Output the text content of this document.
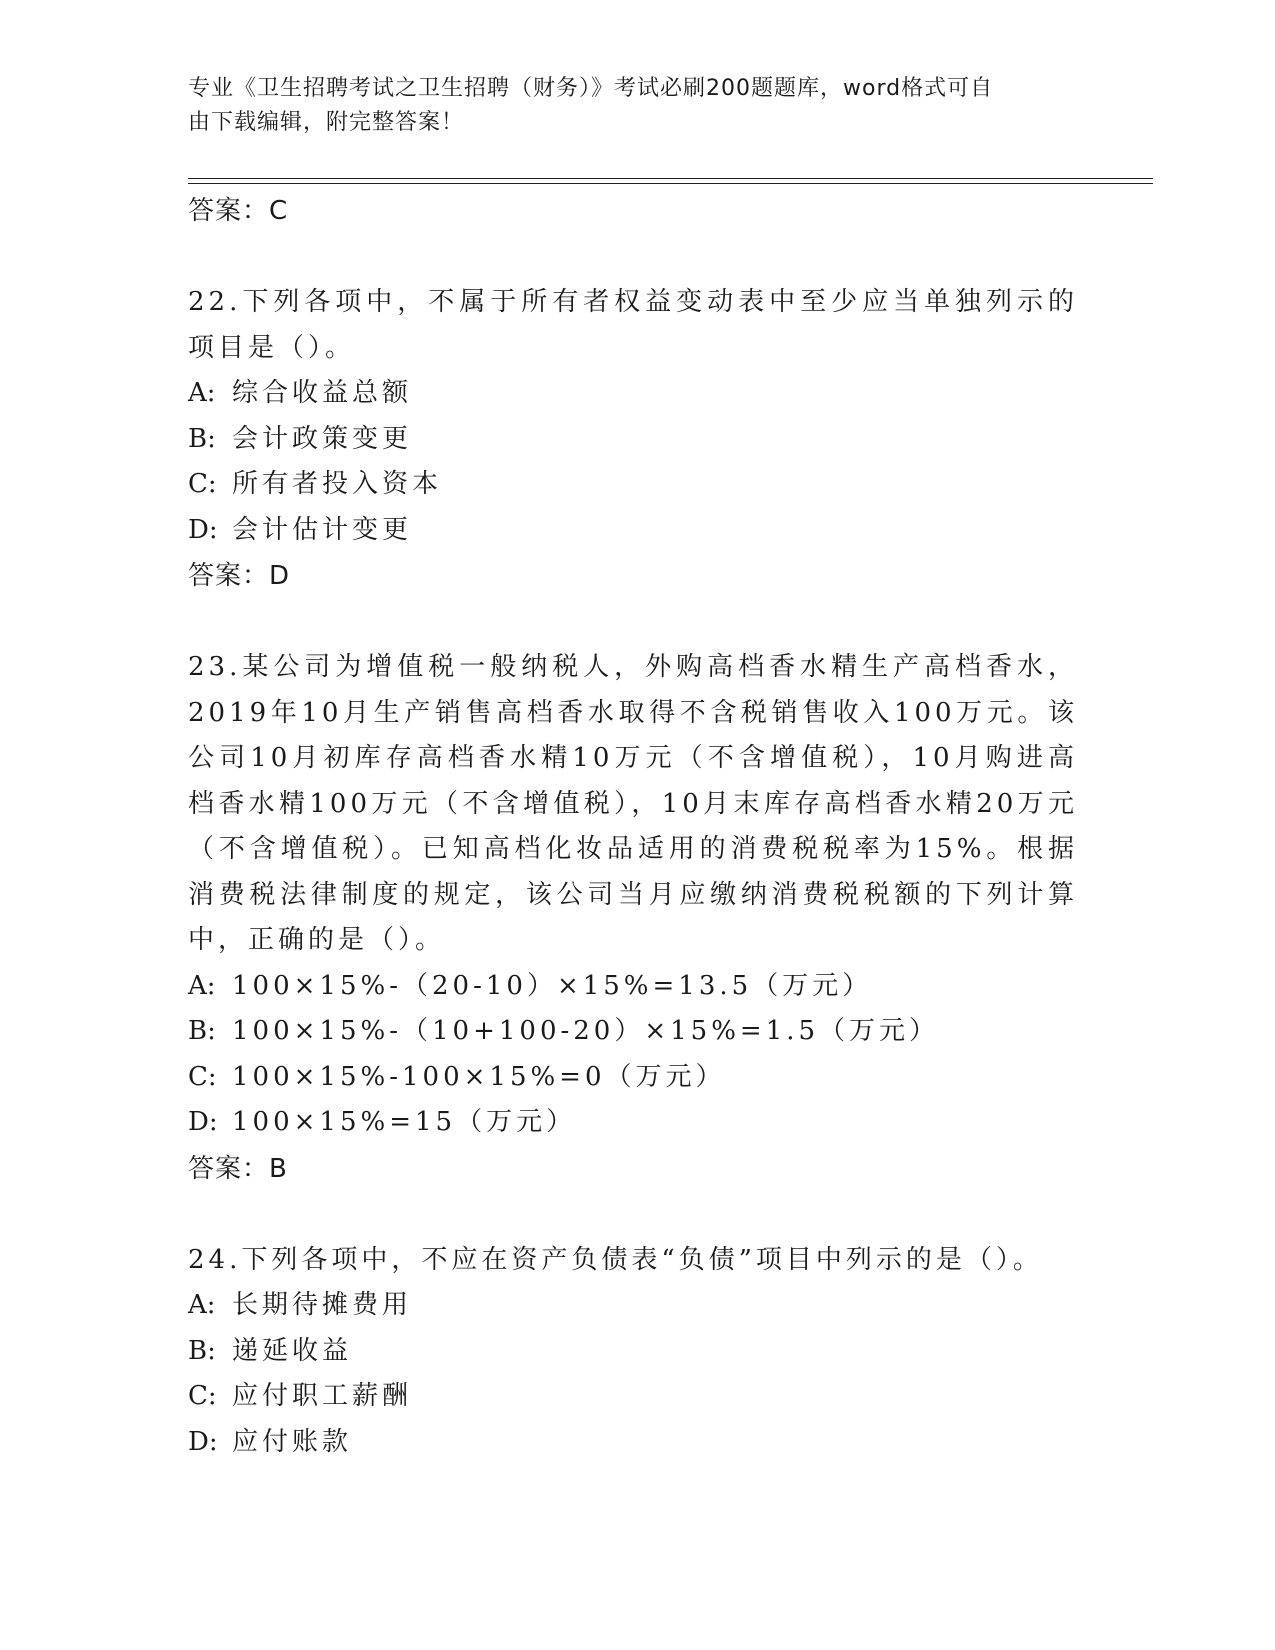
专业《卫生招聘考试之卫生招聘（财务）》考试必刷200题题库，word格式可自
由下载编辑，附完整答案！
答案：C
22.下列各项中，不属于所有者权益变动表中至少应当单独列示的项目是（）。
A: 综合收益总额
B: 会计政策变更
C: 所有者投入资本
D: 会计估计变更
答案：D
23.某公司为增值税一般纳税人，外购高档香水精生产高档香水，2019年10月生产销售高档香水取得不含税销售收入100万元。该公司10月初库存高档香水精10万元（不含增值税），10月购进高档香水精100万元（不含增值税），10月末库存高档香水精20万元（不含增值税）。已知高档化妆品适用的消费税税率为15%。根据消费税法律制度的规定，该公司当月应缴纳消费税税额的下列计算中，正确的是（）。
A: 100×15%-（20-10）×15%=13.5（万元）
B: 100×15%-（10+100-20）×15%=1.5（万元）
C: 100×15%-100×15%=0（万元）
D: 100×15%=15（万元）
答案：B
24.下列各项中，不应在资产负债表“负债”项目中列示的是（）。
A: 长期待摊费用
B: 递延收益
C: 应付职工薪酬
D: 应付账款
